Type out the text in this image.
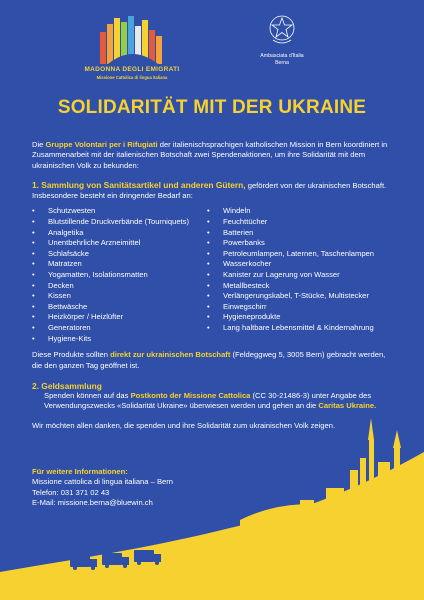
MADONNA DEGLI EMIGRATI
Missione Cattolica di lingua italiana
Ambasciata d'Italia
Berna
SOLIDARITÄT MIT DER UKRAINE

Die Gruppe Volontari per i Rifugiati der italienischsprachigen katholischen Mission in Bern koordiniert in Zusammenarbeit mit der italienischen Botschaft zwei Spendenaktionen, um ihre Solidarität mit dem ukrainischen Volk zu bekunden:

1. Sammlung von Sanitätsartikel und anderen Gütern, gefördert von der ukrainischen Botschaft. Insbesondere besteht ein dringender Bedarf an:

• Schutzwesten
• Blutstillende Druckverbände (Tourniquets)
• Analgetika
• Unentbehrliche Arzneimittel
• Schlafsäcke
• Matratzen
• Yogamatten, Isolationsmatten
• Decken
• Kissen
• Bettwäsche
• Heizkörper / Heizlüfter
• Generatoren
• Hygiene-Kits
• Windeln
• Feuchttücher
• Batterien
• Powerbanks
• Petroleumlampen, Laternen, Taschenlampen
• Wasserkocher
• Kanister zur Lagerung von Wasser
• Metallbesteck
• Verlängerungskabel, T-Stücke, Multistecker
• Einwegschirr
• Hygieneprodukte
• Lang haltbare Lebensmittel & Kindernahrung

Diese Produkte sollten direkt zur ukrainischen Botschaft (Feldeggweg 5, 3005 Bern) gebracht werden, die den ganzen Tag geöffnet ist.

2. Geldsammlung

Spenden können auf das Postkonto der Missione Cattolica (CC 30-21486-3) unter Angabe des Verwendungszwecks «Solidarität Ukraine» überwiesen werden und gehen an die Caritas Ukraine.

Wir möchten allen danken, die spenden und ihre Solidarität zum ukrainischen Volk zeigen.

Für weitere Informationen:
Missione cattolica di lingua italiana – Bern
Telefon: 031 371 02 43
E-Mail: missione.berna@bluewin.ch
